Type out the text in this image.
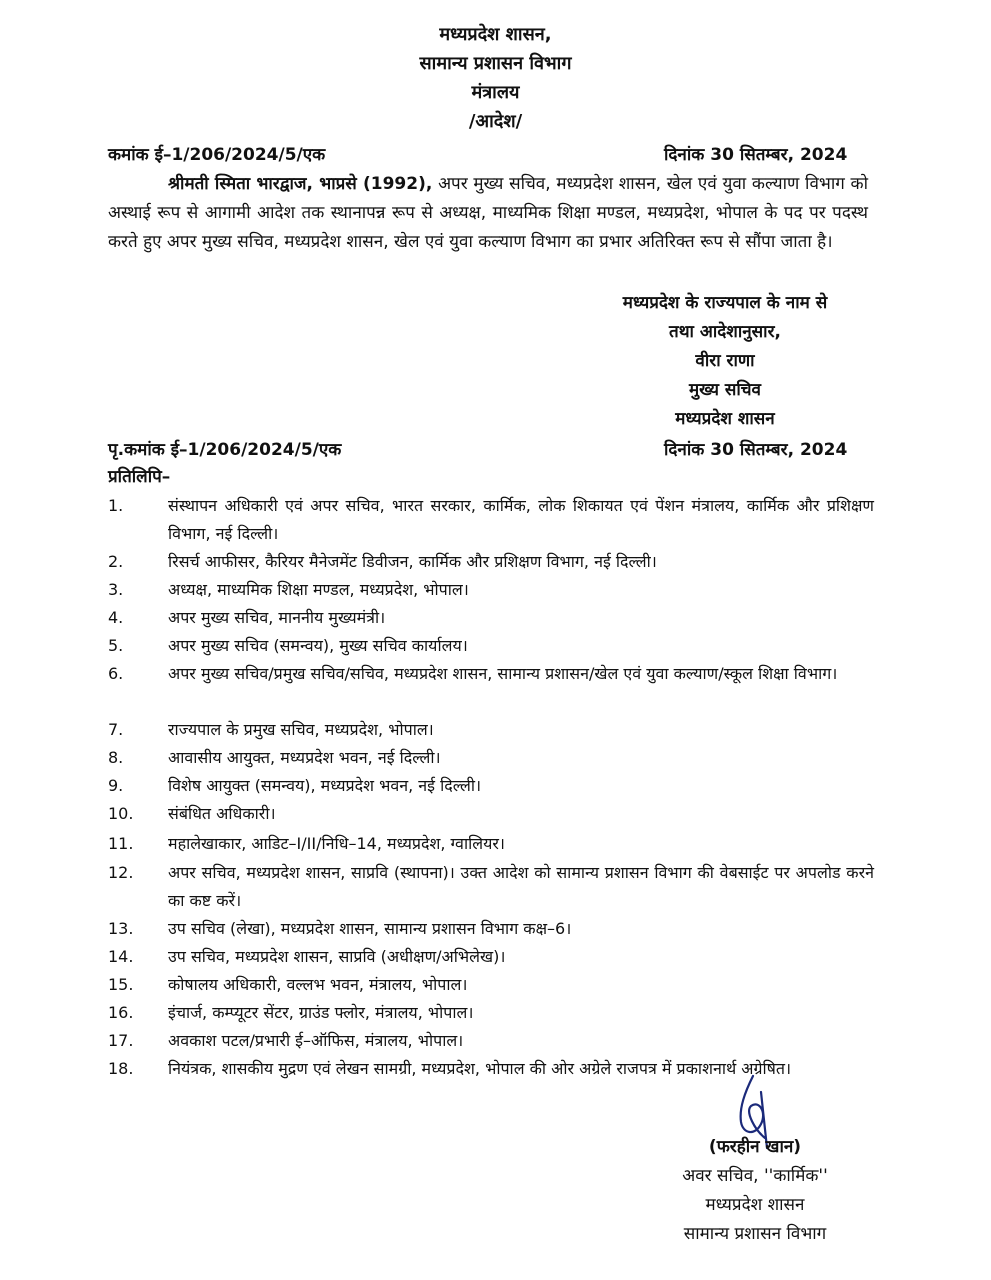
मध्यप्रदेश शासन,
सामान्य प्रशासन विभाग
मंत्रालय
/आदेश/
कमांक ई–1/206/2024/5/एक	दिनांक 30 सितम्बर, 2024
श्रीमती स्मिता भारद्वाज, भाप्रसे (1992), अपर मुख्य सचिव, मध्यप्रदेश शासन, खेल एवं युवा कल्याण विभाग को अस्थाई रूप से आगामी आदेश तक स्थानापन्न रूप से अध्यक्ष, माध्यमिक शिक्षा मण्डल, मध्यप्रदेश, भोपाल के पद पर पदस्थ करते हुए अपर मुख्य सचिव, मध्यप्रदेश शासन, खेल एवं युवा कल्याण विभाग का प्रभार अतिरिक्त रूप से सौंपा जाता है।
मध्यप्रदेश के राज्यपाल के नाम से
तथा आदेशानुसार,
वीरा राणा
मुख्य सचिव
मध्यप्रदेश शासन
पृ.कमांक ई–1/206/2024/5/एक	दिनांक 30 सितम्बर, 2024
प्रतिलिपि–
1.	संस्थापन अधिकारी एवं अपर सचिव, भारत सरकार, कार्मिक, लोक शिकायत एवं पेंशन मंत्रालय, कार्मिक और प्रशिक्षण विभाग, नई दिल्ली।
2.	रिसर्च आफीसर, कैरियर मैनेजमेंट डिवीजन, कार्मिक और प्रशिक्षण विभाग, नई दिल्ली।
3.	अध्यक्ष, माध्यमिक शिक्षा मण्डल, मध्यप्रदेश, भोपाल।
4.	अपर मुख्य सचिव, माननीय मुख्यमंत्री।
5.	अपर मुख्य सचिव (समन्वय), मुख्य सचिव कार्यालय।
6.	अपर मुख्य सचिव/प्रमुख सचिव/सचिव, मध्यप्रदेश शासन, सामान्य प्रशासन/खेल एवं युवा कल्याण/स्कूल शिक्षा विभाग।
7.	राज्यपाल के प्रमुख सचिव, मध्यप्रदेश, भोपाल।
8.	आवासीय आयुक्त, मध्यप्रदेश भवन, नई दिल्ली।
9.	विशेष आयुक्त (समन्वय), मध्यप्रदेश भवन, नई दिल्ली।
10.	संबंधित अधिकारी।
11.	महालेखाकार, आडिट–I/II/निधि–14, मध्यप्रदेश, ग्वालियर।
12.	अपर सचिव, मध्यप्रदेश शासन, साप्रवि (स्थापना)। उक्त आदेश को सामान्य प्रशासन विभाग की वेबसाईट पर अपलोड करने का कष्ट करें।
13.	उप सचिव (लेखा), मध्यप्रदेश शासन, सामान्य प्रशासन विभाग कक्ष–6।
14.	उप सचिव, मध्यप्रदेश शासन, साप्रवि (अधीक्षण/अभिलेख)।
15.	कोषालय अधिकारी, वल्लभ भवन, मंत्रालय, भोपाल।
16.	इंचार्ज, कम्प्यूटर सेंटर, ग्राउंड फ्लोर, मंत्रालय, भोपाल।
17.	अवकाश पटल/प्रभारी ई–ऑफिस, मंत्रालय, भोपाल।
18.	नियंत्रक, शासकीय मुद्रण एवं लेखन सामग्री, मध्यप्रदेश, भोपाल की ओर अग्रेले राजपत्र में प्रकाशनार्थ अग्रेषित।
(फरहीन खान)
अवर सचिव, ''कार्मिक''
मध्यप्रदेश शासन
सामान्य प्रशासन विभाग
